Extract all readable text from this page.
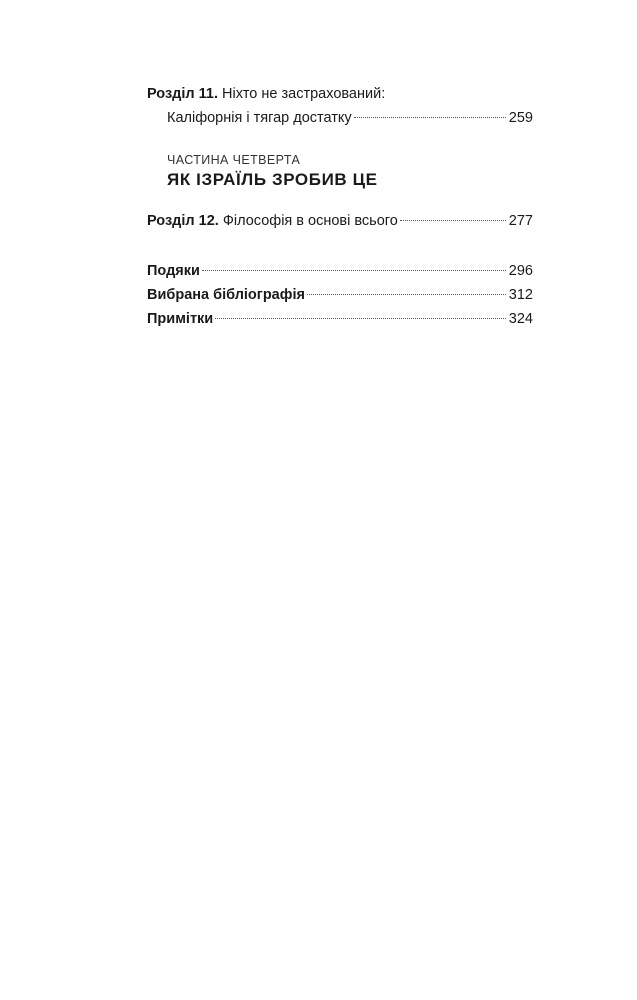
Розділ 11.
Ніхто не застрахований:
Каліфорнія і тягар достатку	259
ЧАСТИНА ЧЕТВЕРТА
ЯК ІЗРАЇЛЬ ЗРОБИВ ЦЕ
Розділ 12.
Філософія в основі всього	277
Подяки	296
Вибрана бібліографія	312
Примітки	324
